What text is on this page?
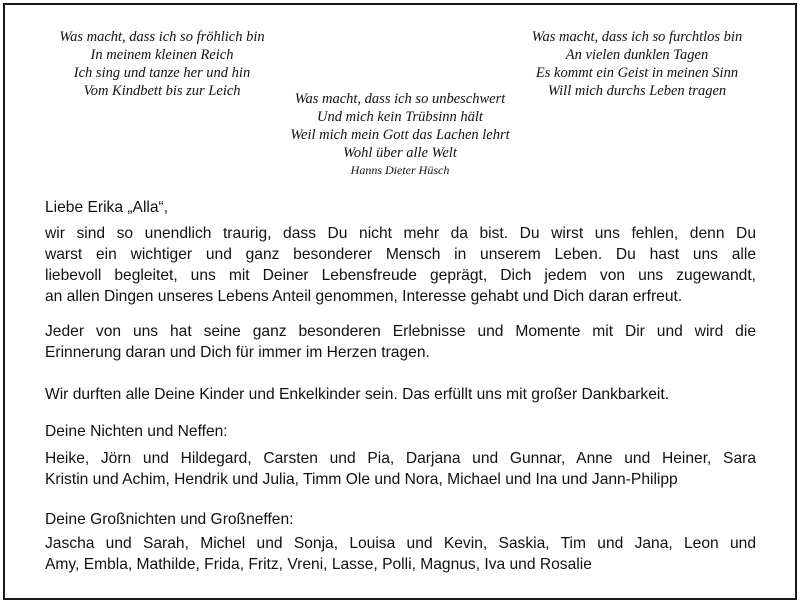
Was macht, dass ich so fröhlich bin
In meinem kleinen Reich
Ich sing und tanze her und hin
Vom Kindbett bis zur Leich
Was macht, dass ich so furchtlos bin
An vielen dunklen Tagen
Es kommt ein Geist in meinen Sinn
Will mich durchs Leben tragen
Was macht, dass ich so unbeschwert
Und mich kein Trübsinn hält
Weil mich mein Gott das Lachen lehrt
Wohl über alle Welt
Hanns Dieter Hüsch
Liebe Erika „Alla“,
wir sind so unendlich traurig, dass Du nicht mehr da bist. Du wirst uns fehlen, denn Du
warst ein wichtiger und ganz besonderer Mensch in unserem Leben. Du hast uns alle
liebevoll begleitet, uns mit Deiner Lebensfreude geprägt, Dich jedem von uns zugewandt,
an allen Dingen unseres Lebens Anteil genommen, Interesse gehabt und Dich daran erfreut.
Jeder von uns hat seine ganz besonderen Erlebnisse und Momente mit Dir und wird die
Erinnerung daran und Dich für immer im Herzen tragen.
Wir durften alle Deine Kinder und Enkelkinder sein. Das erfüllt uns mit großer Dankbarkeit.
Deine Nichten und Neffen:
Heike, Jörn und Hildegard, Carsten und Pia, Darjana und Gunnar, Anne und Heiner, Sara
Kristin und Achim, Hendrik und Julia, Timm Ole und Nora, Michael und Ina und Jann-Philipp
Deine Großnichten und Großneffen:
Jascha und Sarah, Michel und Sonja, Louisa und Kevin, Saskia, Tim und Jana, Leon und
Amy, Embla, Mathilde, Frida, Fritz, Vreni, Lasse, Polli, Magnus, Iva und Rosalie
